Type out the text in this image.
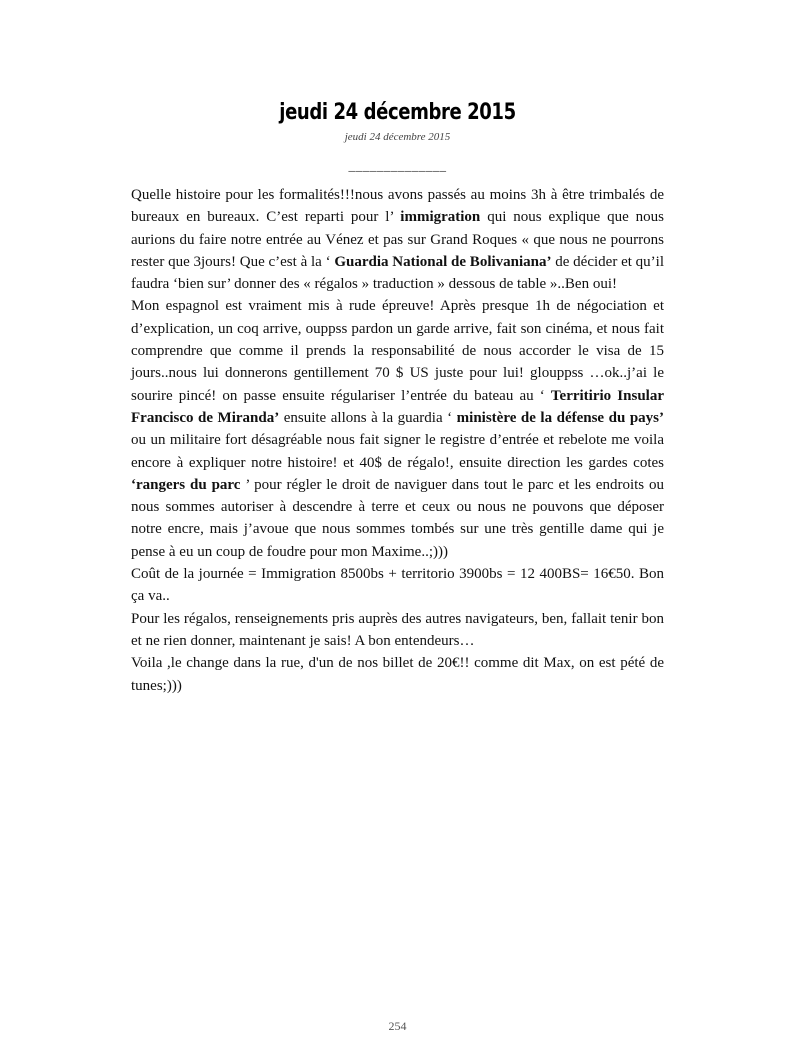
jeudi 24 décembre 2015
jeudi 24 décembre 2015
______________

Quelle histoire pour les formalités!!!nous avons passés au moins 3h à être trimbalés de bureaux en bureaux. C’est reparti pour l’ immigration qui nous explique que nous aurions du faire notre entrée au Vénez et pas sur Grand Roques « que nous ne pourrons rester que 3jours! Que c’est à la ‘ Guardia National de Bolivaniana’ de décider et qu’il faudra ‘bien sur’ donner des « régalos » traduction » dessous de table »..Ben oui!

Mon espagnol est vraiment mis à rude épreuve! Après presque 1h de négociation et d’explication, un coq arrive, ouppss pardon un garde arrive, fait son cinéma, et nous fait comprendre que comme il prends la responsabilité de nous accorder le visa de 15 jours..nous lui donnerons gentillement 70 $ US juste pour lui! glouppss …ok..j’ai le sourire pincé! on passe ensuite régulariser l’entrée du bateau au ‘ Territirio Insular Francisco de Miranda’ ensuite allons à la guardia ‘ ministère de la défense du pays’ ou un militaire fort désagréable nous fait signer le registre d’entrée et rebelote me voila encore à expliquer notre histoire! et 40$ de régalo!, ensuite direction les gardes cotes ‘rangers du parc ’ pour régler le droit de naviguer dans tout le parc et les endroits ou nous sommes autoriser à descendre à terre et ceux ou nous ne pouvons que déposer notre encre, mais j’avoue que nous sommes tombés sur une très gentille dame qui je pense à eu un coup de foudre pour mon Maxime..;)))

Coût de la journée = Immigration 8500bs + territorio 3900bs = 12 400BS= 16€50. Bon ça va..

Pour les régalos, renseignements pris auprès des autres navigateurs, ben, fallait tenir bon et ne rien donner, maintenant je sais! A bon entendeurs…

Voila ,le change dans la rue, d'un de nos billet de 20€!! comme dit Max, on est pété de tunes;)))

254
